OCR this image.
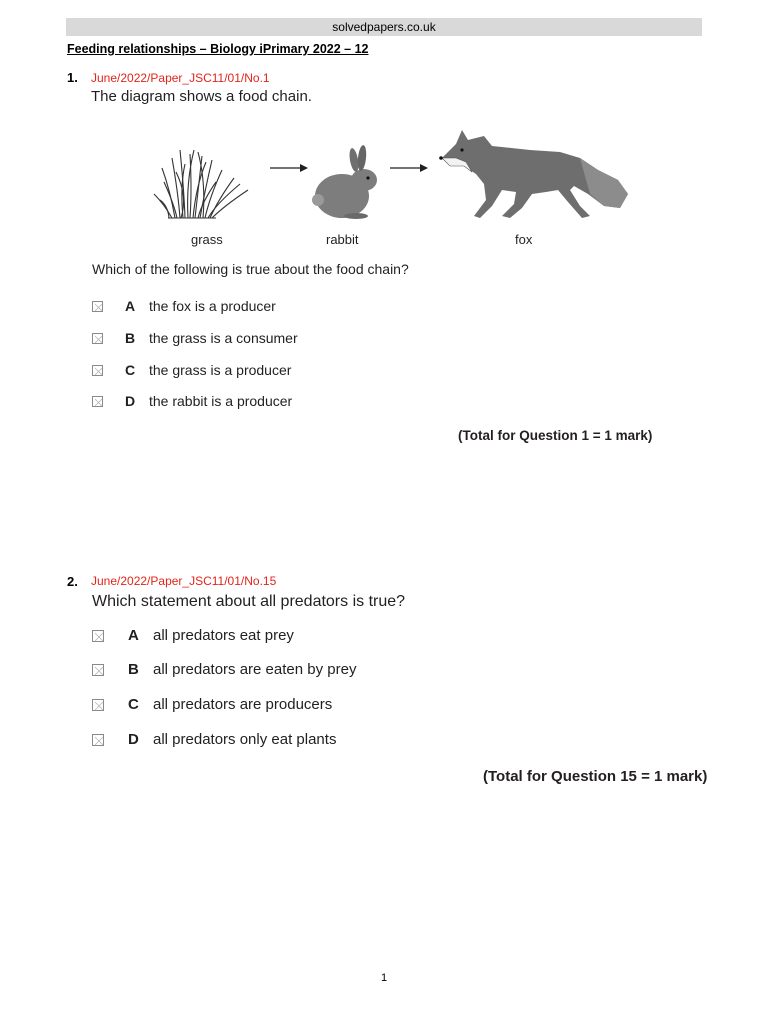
solvedpapers.co.uk
Feeding relationships – Biology iPrimary 2022 – 12
1. June/2022/Paper_JSC11/01/No.1
The diagram shows a food chain.
grass	rabbit	fox
Which of the following is true about the food chain?
A the fox is a producer
B the grass is a consumer
C the grass is a producer
D the rabbit is a producer
(Total for Question 1 = 1 mark)
2. June/2022/Paper_JSC11/01/No.15
Which statement about all predators is true?
A all predators eat prey
B all predators are eaten by prey
C all predators are producers
D all predators only eat plants
(Total for Question 15 = 1 mark)
1
